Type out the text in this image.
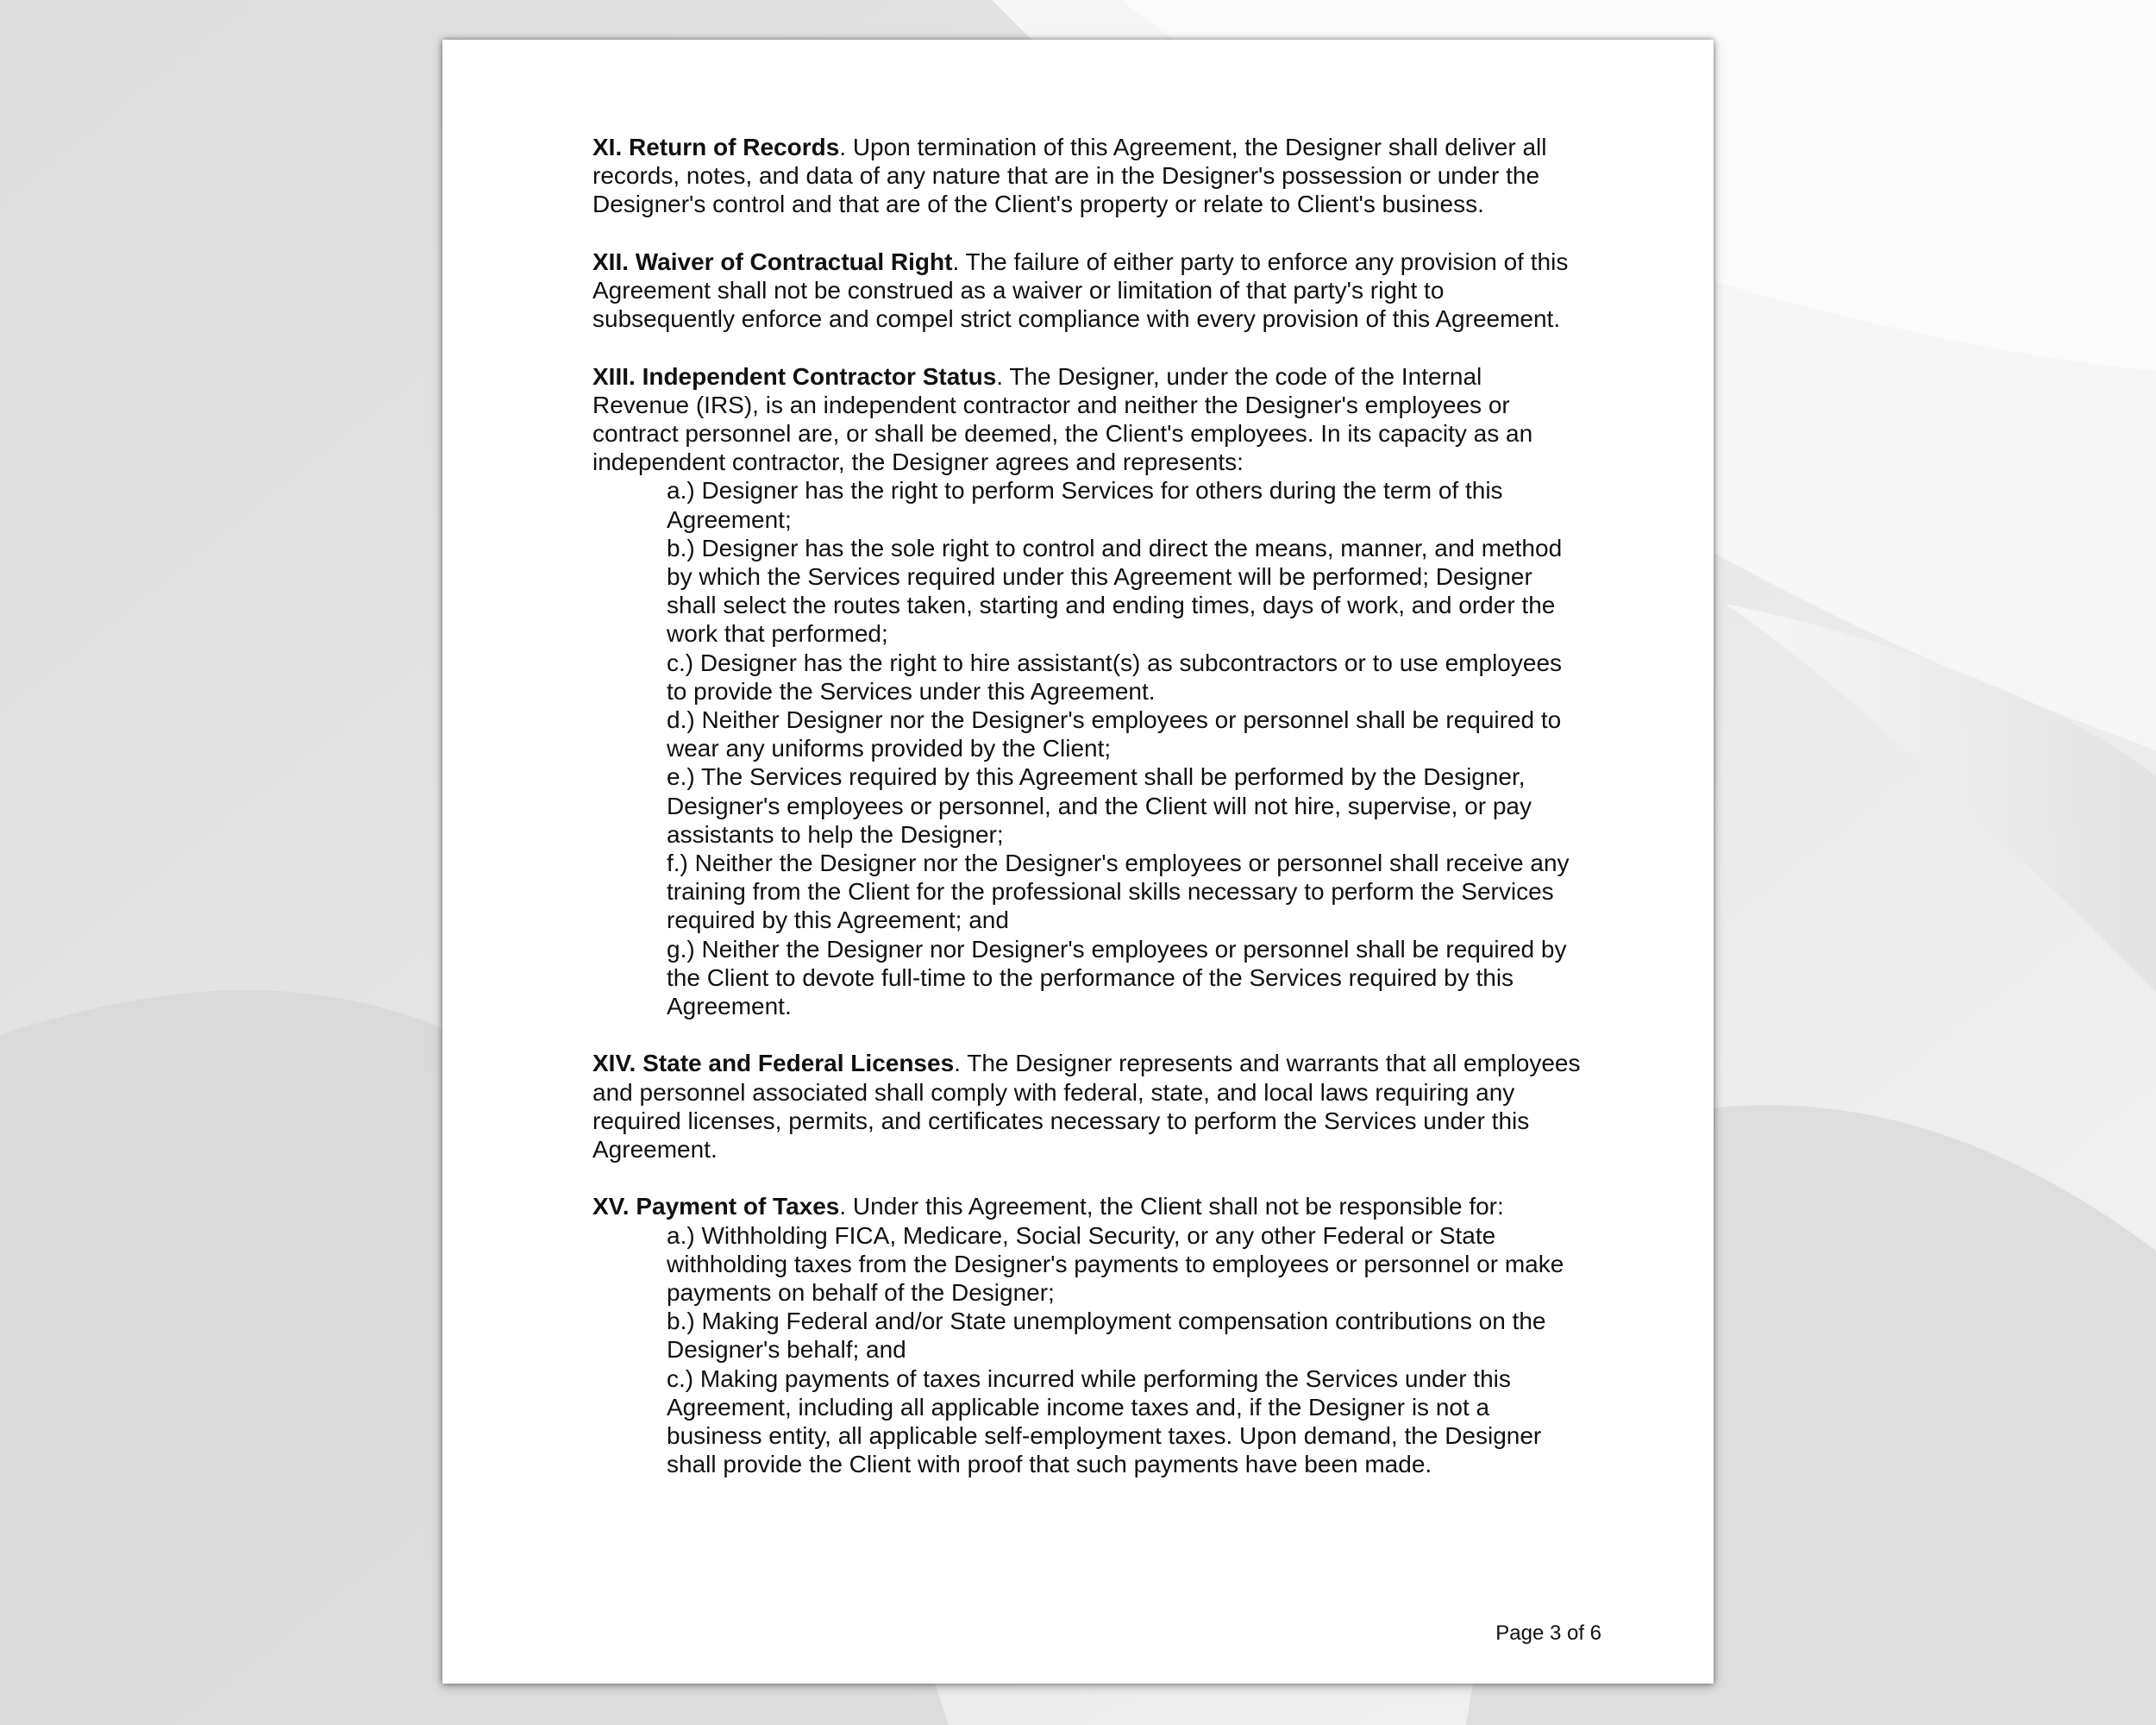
XI. Return of Records. Upon termination of this Agreement, the Designer shall deliver all records, notes, and data of any nature that are in the Designer's possession or under the Designer's control and that are of the Client's property or relate to Client's business.

XII. Waiver of Contractual Right. The failure of either party to enforce any provision of this Agreement shall not be construed as a waiver or limitation of that party's right to subsequently enforce and compel strict compliance with every provision of this Agreement.

XIII. Independent Contractor Status. The Designer, under the code of the Internal Revenue (IRS), is an independent contractor and neither the Designer's employees or contract personnel are, or shall be deemed, the Client's employees. In its capacity as an independent contractor, the Designer agrees and represents:

a.) Designer has the right to perform Services for others during the term of this Agreement;
b.) Designer has the sole right to control and direct the means, manner, and method by which the Services required under this Agreement will be performed; Designer shall select the routes taken, starting and ending times, days of work, and order the work that performed;
c.) Designer has the right to hire assistant(s) as subcontractors or to use employees to provide the Services under this Agreement.
d.) Neither Designer nor the Designer's employees or personnel shall be required to wear any uniforms provided by the Client;
e.) The Services required by this Agreement shall be performed by the Designer, Designer's employees or personnel, and the Client will not hire, supervise, or pay assistants to help the Designer;
f.) Neither the Designer nor the Designer's employees or personnel shall receive any training from the Client for the professional skills necessary to perform the Services required by this Agreement; and
g.) Neither the Designer nor Designer's employees or personnel shall be required by the Client to devote full-time to the performance of the Services required by this Agreement.

XIV. State and Federal Licenses. The Designer represents and warrants that all employees and personnel associated shall comply with federal, state, and local laws requiring any required licenses, permits, and certificates necessary to perform the Services under this Agreement.

XV. Payment of Taxes. Under this Agreement, the Client shall not be responsible for:

a.) Withholding FICA, Medicare, Social Security, or any other Federal or State withholding taxes from the Designer's payments to employees or personnel or make payments on behalf of the Designer;
b.) Making Federal and/or State unemployment compensation contributions on the Designer's behalf; and
c.) Making payments of taxes incurred while performing the Services under this Agreement, including all applicable income taxes and, if the Designer is not a business entity, all applicable self-employment taxes. Upon demand, the Designer shall provide the Client with proof that such payments have been made.
Page 3 of 6
